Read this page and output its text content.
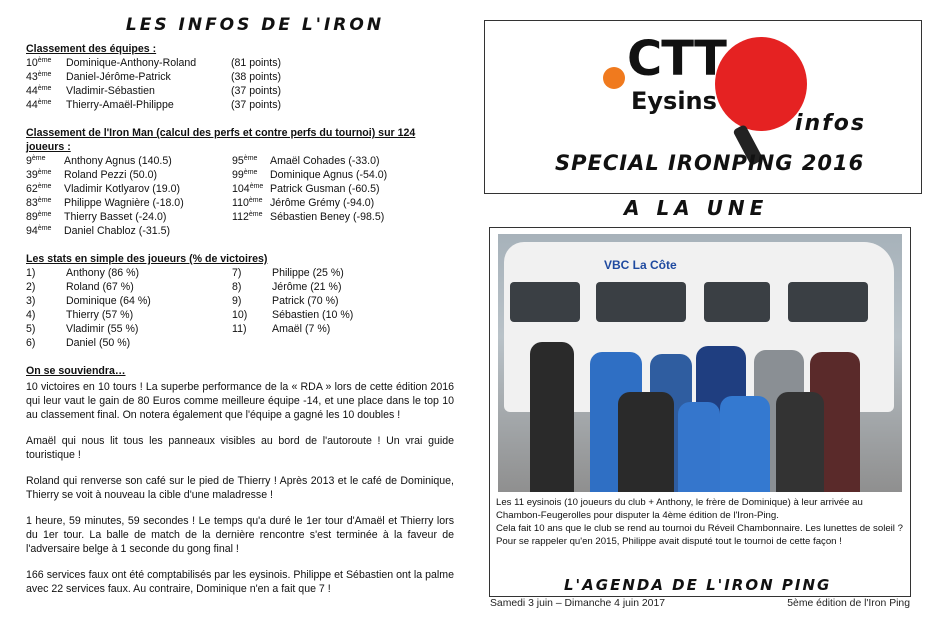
LES INFOS DE L'IRON
Classement des équipes :
10ème	Dominique-Anthony-Roland	(81 points)
43ème	Daniel-Jérôme-Patrick	(38 points)
44ème	Vladimir-Sébastien	(37 points)
44ème	Thierry-Amaël-Philippe	(37 points)
Classement de l'Iron Man (calcul des perfs et contre perfs du tournoi) sur 124 joueurs :
9ème	Anthony Agnus (140.5)
39ème	Roland Pezzi (50.0)
62ème	Vladimir Kotlyarov (19.0)
83ème	Philippe Wagnière (-18.0)
89ème	Thierry Basset (-24.0)
94ème	Daniel Chabloz (-31.5)
95ème	Amaël Cohades (-33.0)
99ème	Dominique Agnus (-54.0)
104ème Patrick Gusman (-60.5)
110ème Jérôme Grémy (-94.0)
112ème Sébastien Beney (-98.5)
Les stats en simple des joueurs (% de victoires)
1)	Anthony (86 %)
2)	Roland (67 %)
3)	Dominique (64 %)
4)	Thierry (57 %)
5)	Vladimir (55 %)
6)	Daniel (50 %)
7)	Philippe (25 %)
8)	Jérôme (21 %)
9)	Patrick (70 %)
10)	Sébastien (10 %)
11)	Amaël (7 %)
On se souviendra…

10 victoires en 10 tours ! La superbe performance de la « RDA » lors de cette édition 2016 qui leur vaut le gain de 80 Euros comme meilleure équipe -14, et une place dans le top 10 au classement final. On notera également que l'équipe a gagné les 10 doubles !

Amaël qui nous lit tous les panneaux visibles au bord de l'autoroute ! Un vrai guide touristique !

Roland qui renverse son café sur le pied de Thierry ! Après 2013 et le café de Dominique, Thierry se voit à nouveau la cible d'une maladresse !

1 heure, 59 minutes, 59 secondes ! Le temps qu'a duré le 1er tour d'Amaël et Thierry lors du 1er tour. La balle de match de la dernière rencontre s'est terminée à la faveur de l'adversaire belge à 1 seconde du gong final !

166 services faux ont été comptabilisés par les eysinois. Philippe et Sébastien ont la palme avec 22 services faux. Au contraire, Dominique n'en a fait que 7 !

CTT
Eysins
infos
SPECIAL IRONPING 2016
A LA UNE
VBC La Côte

Les 11 eysinois (10 joueurs du club + Anthony, le frère de Dominique) à leur arrivée au Chambon-Feugerolles pour disputer la 4ème édition de l'Iron-Ping.

Cela fait 10 ans que le club se rend au tournoi du Réveil Chambonnaire. Les lunettes de soleil ? Pour se rappeler qu'en 2015, Philippe avait disputé tout le tournoi de cette façon !

L'AGENDA DE L'IRON PING
Samedi 3 juin – Dimanche 4 juin 2017	5ème édition de l'Iron Ping
